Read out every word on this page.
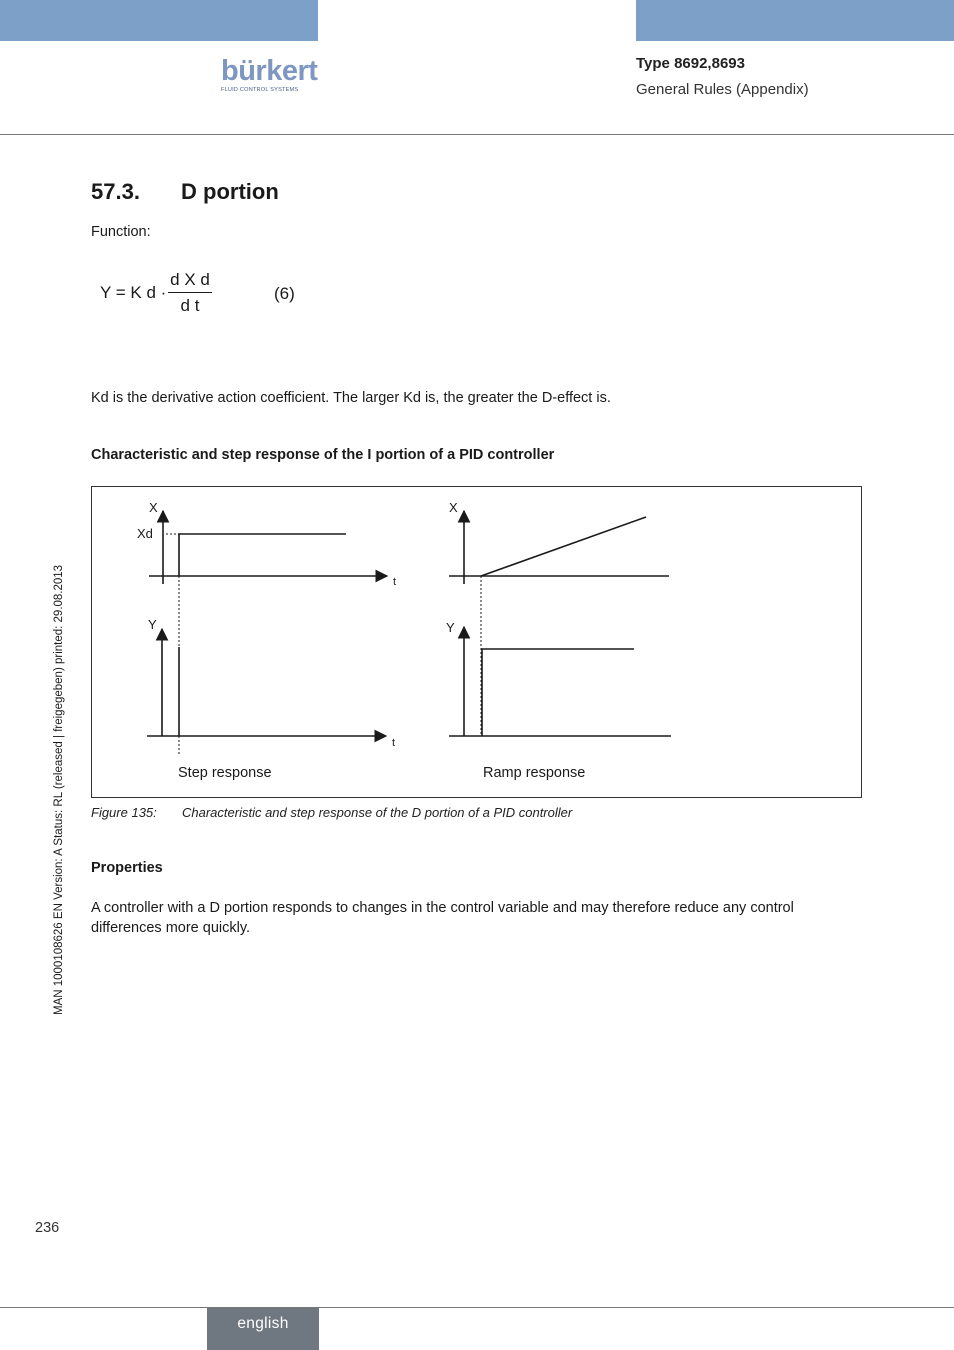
bürkert
FLUID CONTROL SYSTEMS
Type 8692,8693
General Rules (Appendix)
57.3. D portion
Function:
Y = K d ·
d X d
d t
(6)
Kd is the derivative action coefficient. The larger Kd is, the greater the D-effect is.
Characteristic and step response of the I portion of a PID controller
X
Xd
t
Y
t
X
Y
Step response	Ramp response
Figure 135: Characteristic and step response of the D portion of a PID controller
Properties
A controller with a D portion responds to changes in the control variable and may therefore reduce any control differences more quickly.
MAN 1000108626 EN Version: A Status: RL (released | freigegeben) printed: 29.08.2013
236
english
